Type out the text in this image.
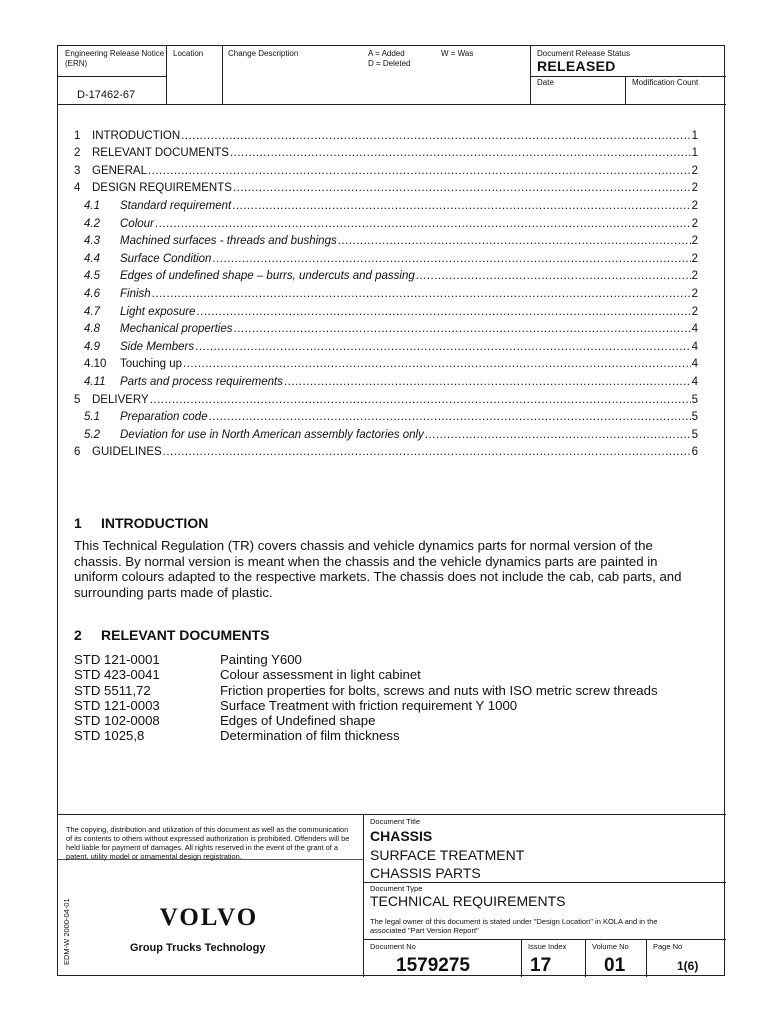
Engineering Release Notice (ERN)
Location	Change Description	A = Added
D = Deleted
W = Was	Document Release Status
RELEASED
Date	Modification Count
D-17462-67
1	INTRODUCTION .....	1
2	RELEVANT DOCUMENTS .....	1
3	GENERAL .....	2
4	DESIGN REQUIREMENTS .....	2
4.1	Standard requirement .....	2
4.2	Colour .....	2
4.3	Machined surfaces - threads and bushings .....	2
4.4	Surface Condition .....	2
4.5	Edges of undefined shape – burrs, undercuts and passing .....	2
4.6	Finish .....	2
4.7	Light exposure .....	2
4.8	Mechanical properties .....	4
4.9	Side Members .....	4
4.10	Touching up .....	4
4.11	Parts and process requirements .....	4
5	DELIVERY .....	5
5.1	Preparation code .....	5
5.2	Deviation for use in North American assembly factories only .....	5
6	GUIDELINES .....	6
1 INTRODUCTION
This Technical Regulation (TR) covers chassis and vehicle dynamics parts for normal version of the chassis. By normal version is meant when the chassis and the vehicle dynamics parts are painted in uniform colours adapted to the respective markets. The chassis does not include the cab, cab parts, and surrounding parts made of plastic.
2 RELEVANT DOCUMENTS
STD 121-0001	Painting Y600
STD 423-0041	Colour assessment in light cabinet
STD 5511,72	Friction properties for bolts, screws and nuts with ISO metric screw threads
STD 121-0003	Surface Treatment with friction requirement Y 1000
STD 102-0008	Edges of Undefined shape
STD 1025,8	Determination of film thickness
The copying, distribution and utilization of this document as well as the communication of its contents to others without expressed authorization is prohibited. Offenders will be held liable for payment of damages. All rights reserved in the event of the grant of a patent, utility model or ornamental design registration.
Document Title
CHASSIS
SURFACE TREATMENT
CHASSIS PARTS
Document Type
TECHNICAL REQUIREMENTS
The legal owner of this document is stated under "Design Location" in KOLA and in the associated "Part Version Report"
Document No
1579275
Issue Index
17
Volume No
01
Page No
1(6)
VOLVO
Group Trucks Technology
EDM-W 2000-04-01
